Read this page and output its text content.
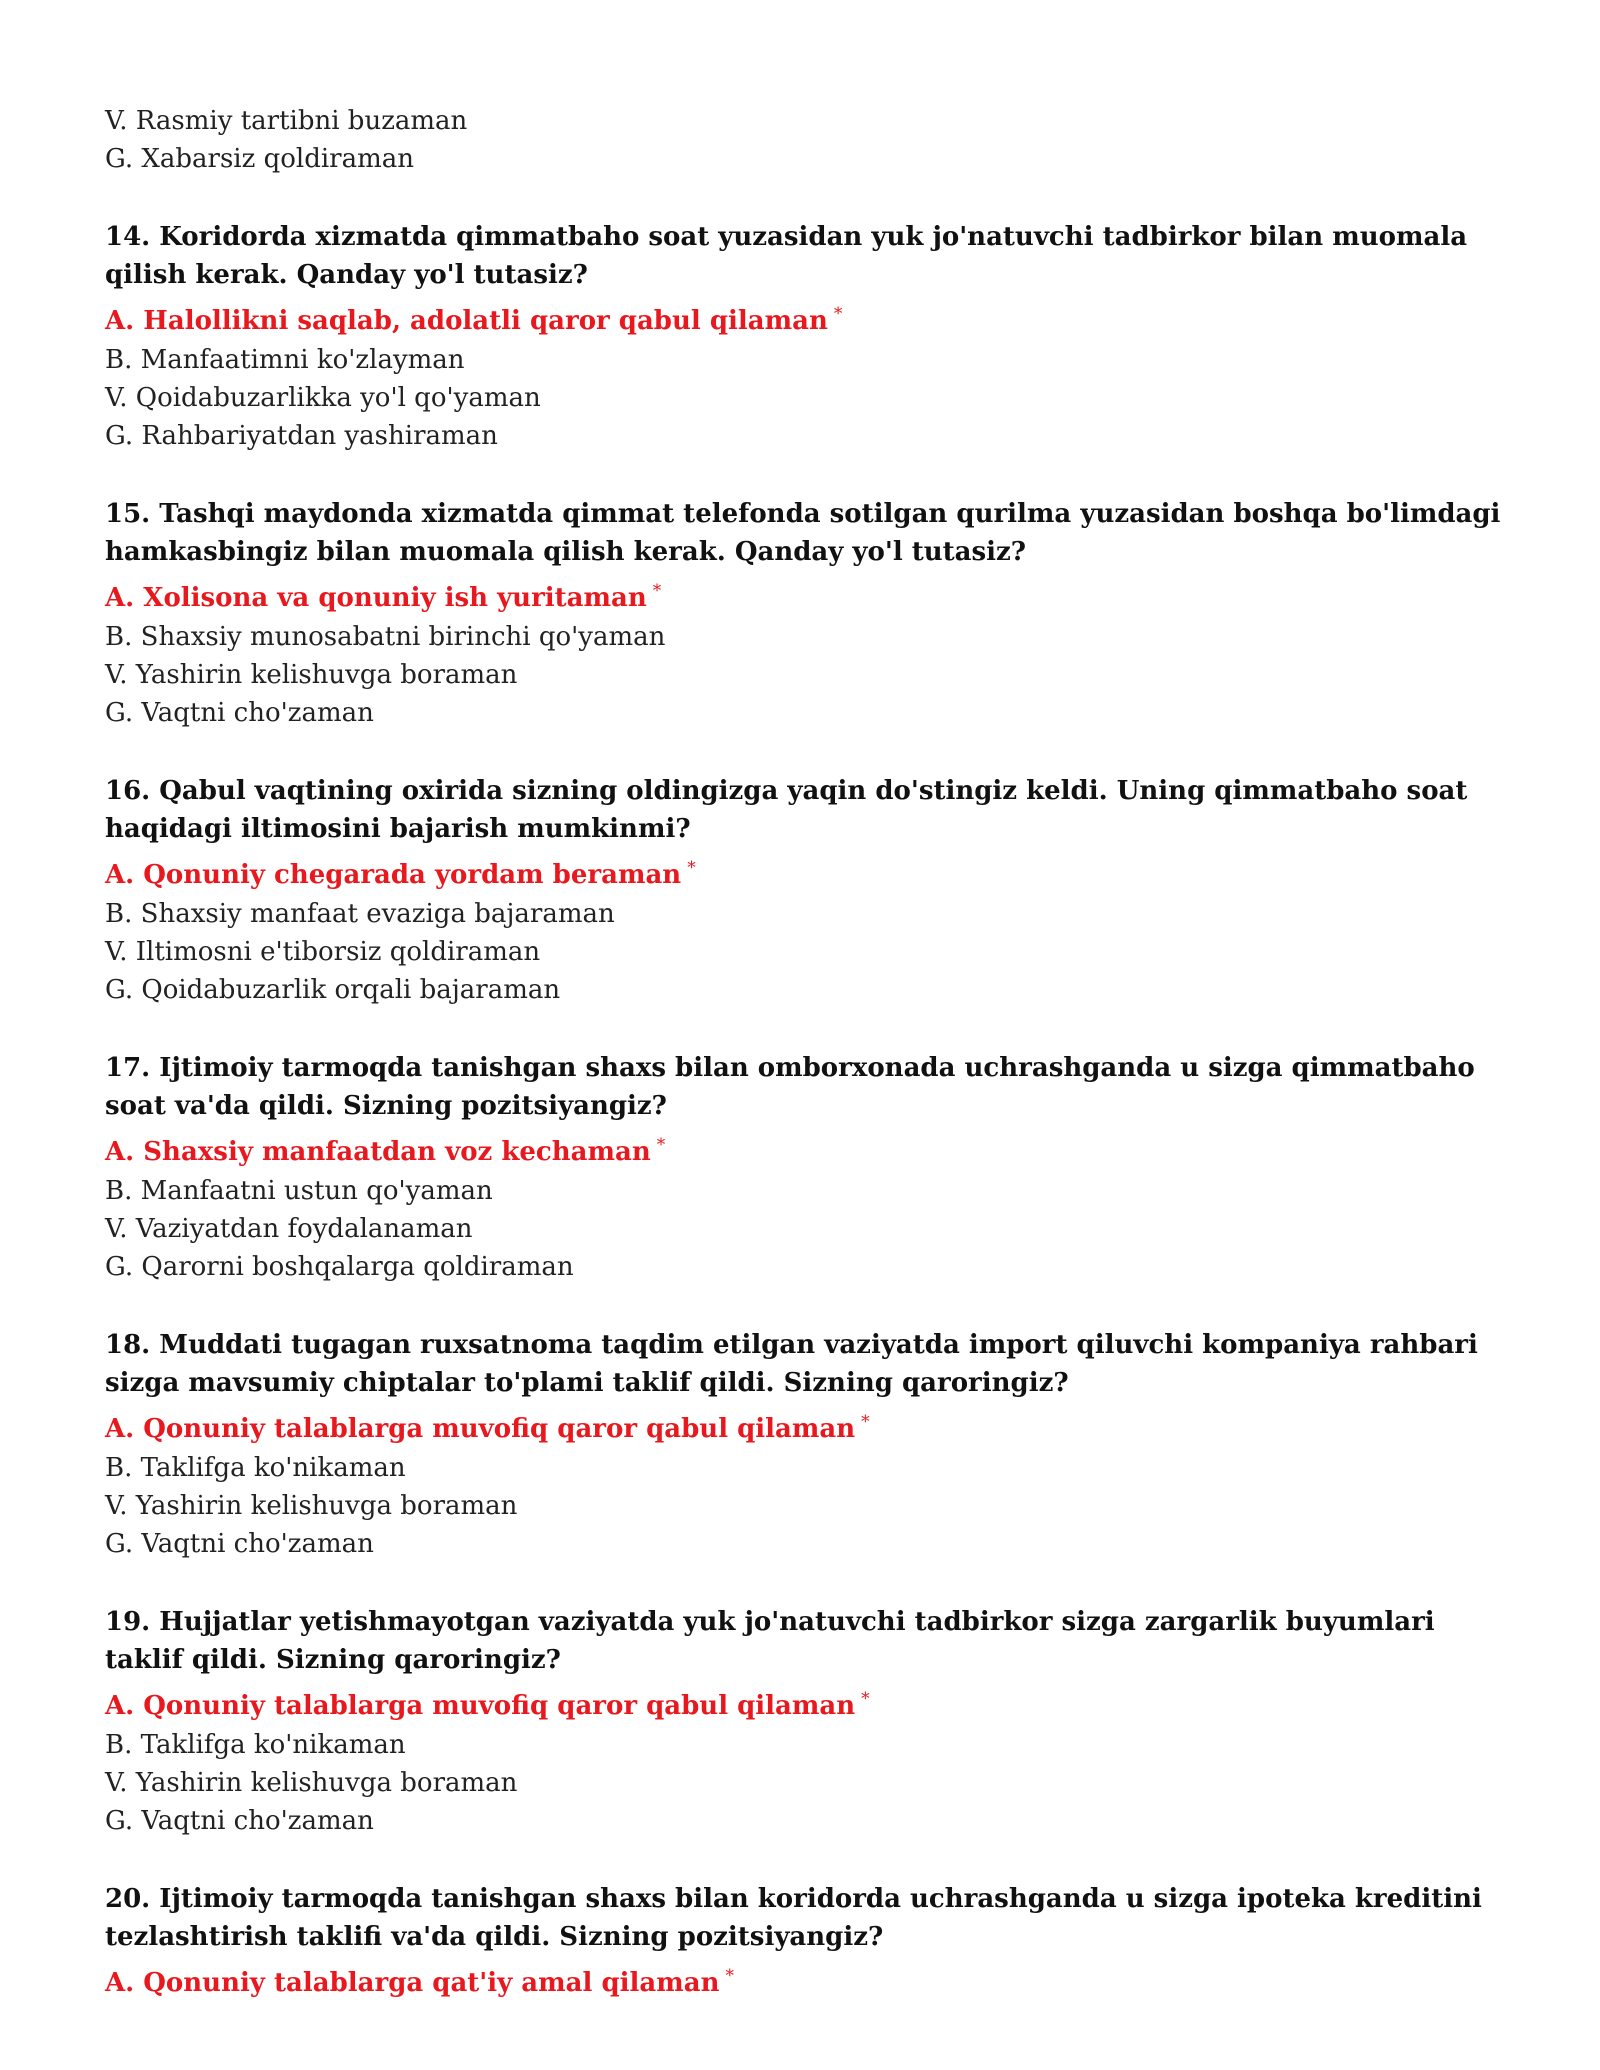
V. Rasmiy tartibni buzaman
G. Xabarsiz qoldiraman
14. Koridorda xizmatda qimmatbaho soat yuzasidan yuk jo'natuvchi tadbirkor bilan muomala qilish kerak. Qanday yo'l tutasiz?
A. Halollikni saqlab, adolatli qaror qabul qilaman *
B. Manfaatimni ko'zlayman
V. Qoidabuzarlikka yo'l qo'yaman
G. Rahbariyatdan yashiraman
15. Tashqi maydonda xizmatda qimmat telefonda sotilgan qurilma yuzasidan boshqa bo'limdagi hamkasbingiz bilan muomala qilish kerak. Qanday yo'l tutasiz?
A. Xolisona va qonuniy ish yuritaman *
B. Shaxsiy munosabatni birinchi qo'yaman
V. Yashirin kelishuvga boraman
G. Vaqtni cho'zaman
16. Qabul vaqtining oxirida sizning oldingizga yaqin do'stingiz keldi. Uning qimmatbaho soat haqidagi iltimosini bajarish mumkinmi?
A. Qonuniy chegarada yordam beraman *
B. Shaxsiy manfaat evaziga bajaraman
V. Iltimosni e'tiborsiz qoldiraman
G. Qoidabuzarlik orqali bajaraman
17. Ijtimoiy tarmoqda tanishgan shaxs bilan omborxonada uchrashganda u sizga qimmatbaho soat va'da qildi. Sizning pozitsiyangiz?
A. Shaxsiy manfaatdan voz kechaman *
B. Manfaatni ustun qo'yaman
V. Vaziyatdan foydalanaman
G. Qarorni boshqalarga qoldiraman
18. Muddati tugagan ruxsatnoma taqdim etilgan vaziyatda import qiluvchi kompaniya rahbari sizga mavsumiy chiptalar to'plami taklif qildi. Sizning qaroringiz?
A. Qonuniy talablarga muvofiq qaror qabul qilaman *
B. Taklifga ko'nikaman
V. Yashirin kelishuvga boraman
G. Vaqtni cho'zaman
19. Hujjatlar yetishmayotgan vaziyatda yuk jo'natuvchi tadbirkor sizga zargarlik buyumlari taklif qildi. Sizning qaroringiz?
A. Qonuniy talablarga muvofiq qaror qabul qilaman *
B. Taklifga ko'nikaman
V. Yashirin kelishuvga boraman
G. Vaqtni cho'zaman
20. Ijtimoiy tarmoqda tanishgan shaxs bilan koridorda uchrashganda u sizga ipoteka kreditini tezlashtirish taklifi va'da qildi. Sizning pozitsiyangiz?
A. Qonuniy talablarga qat'iy amal qilaman *
